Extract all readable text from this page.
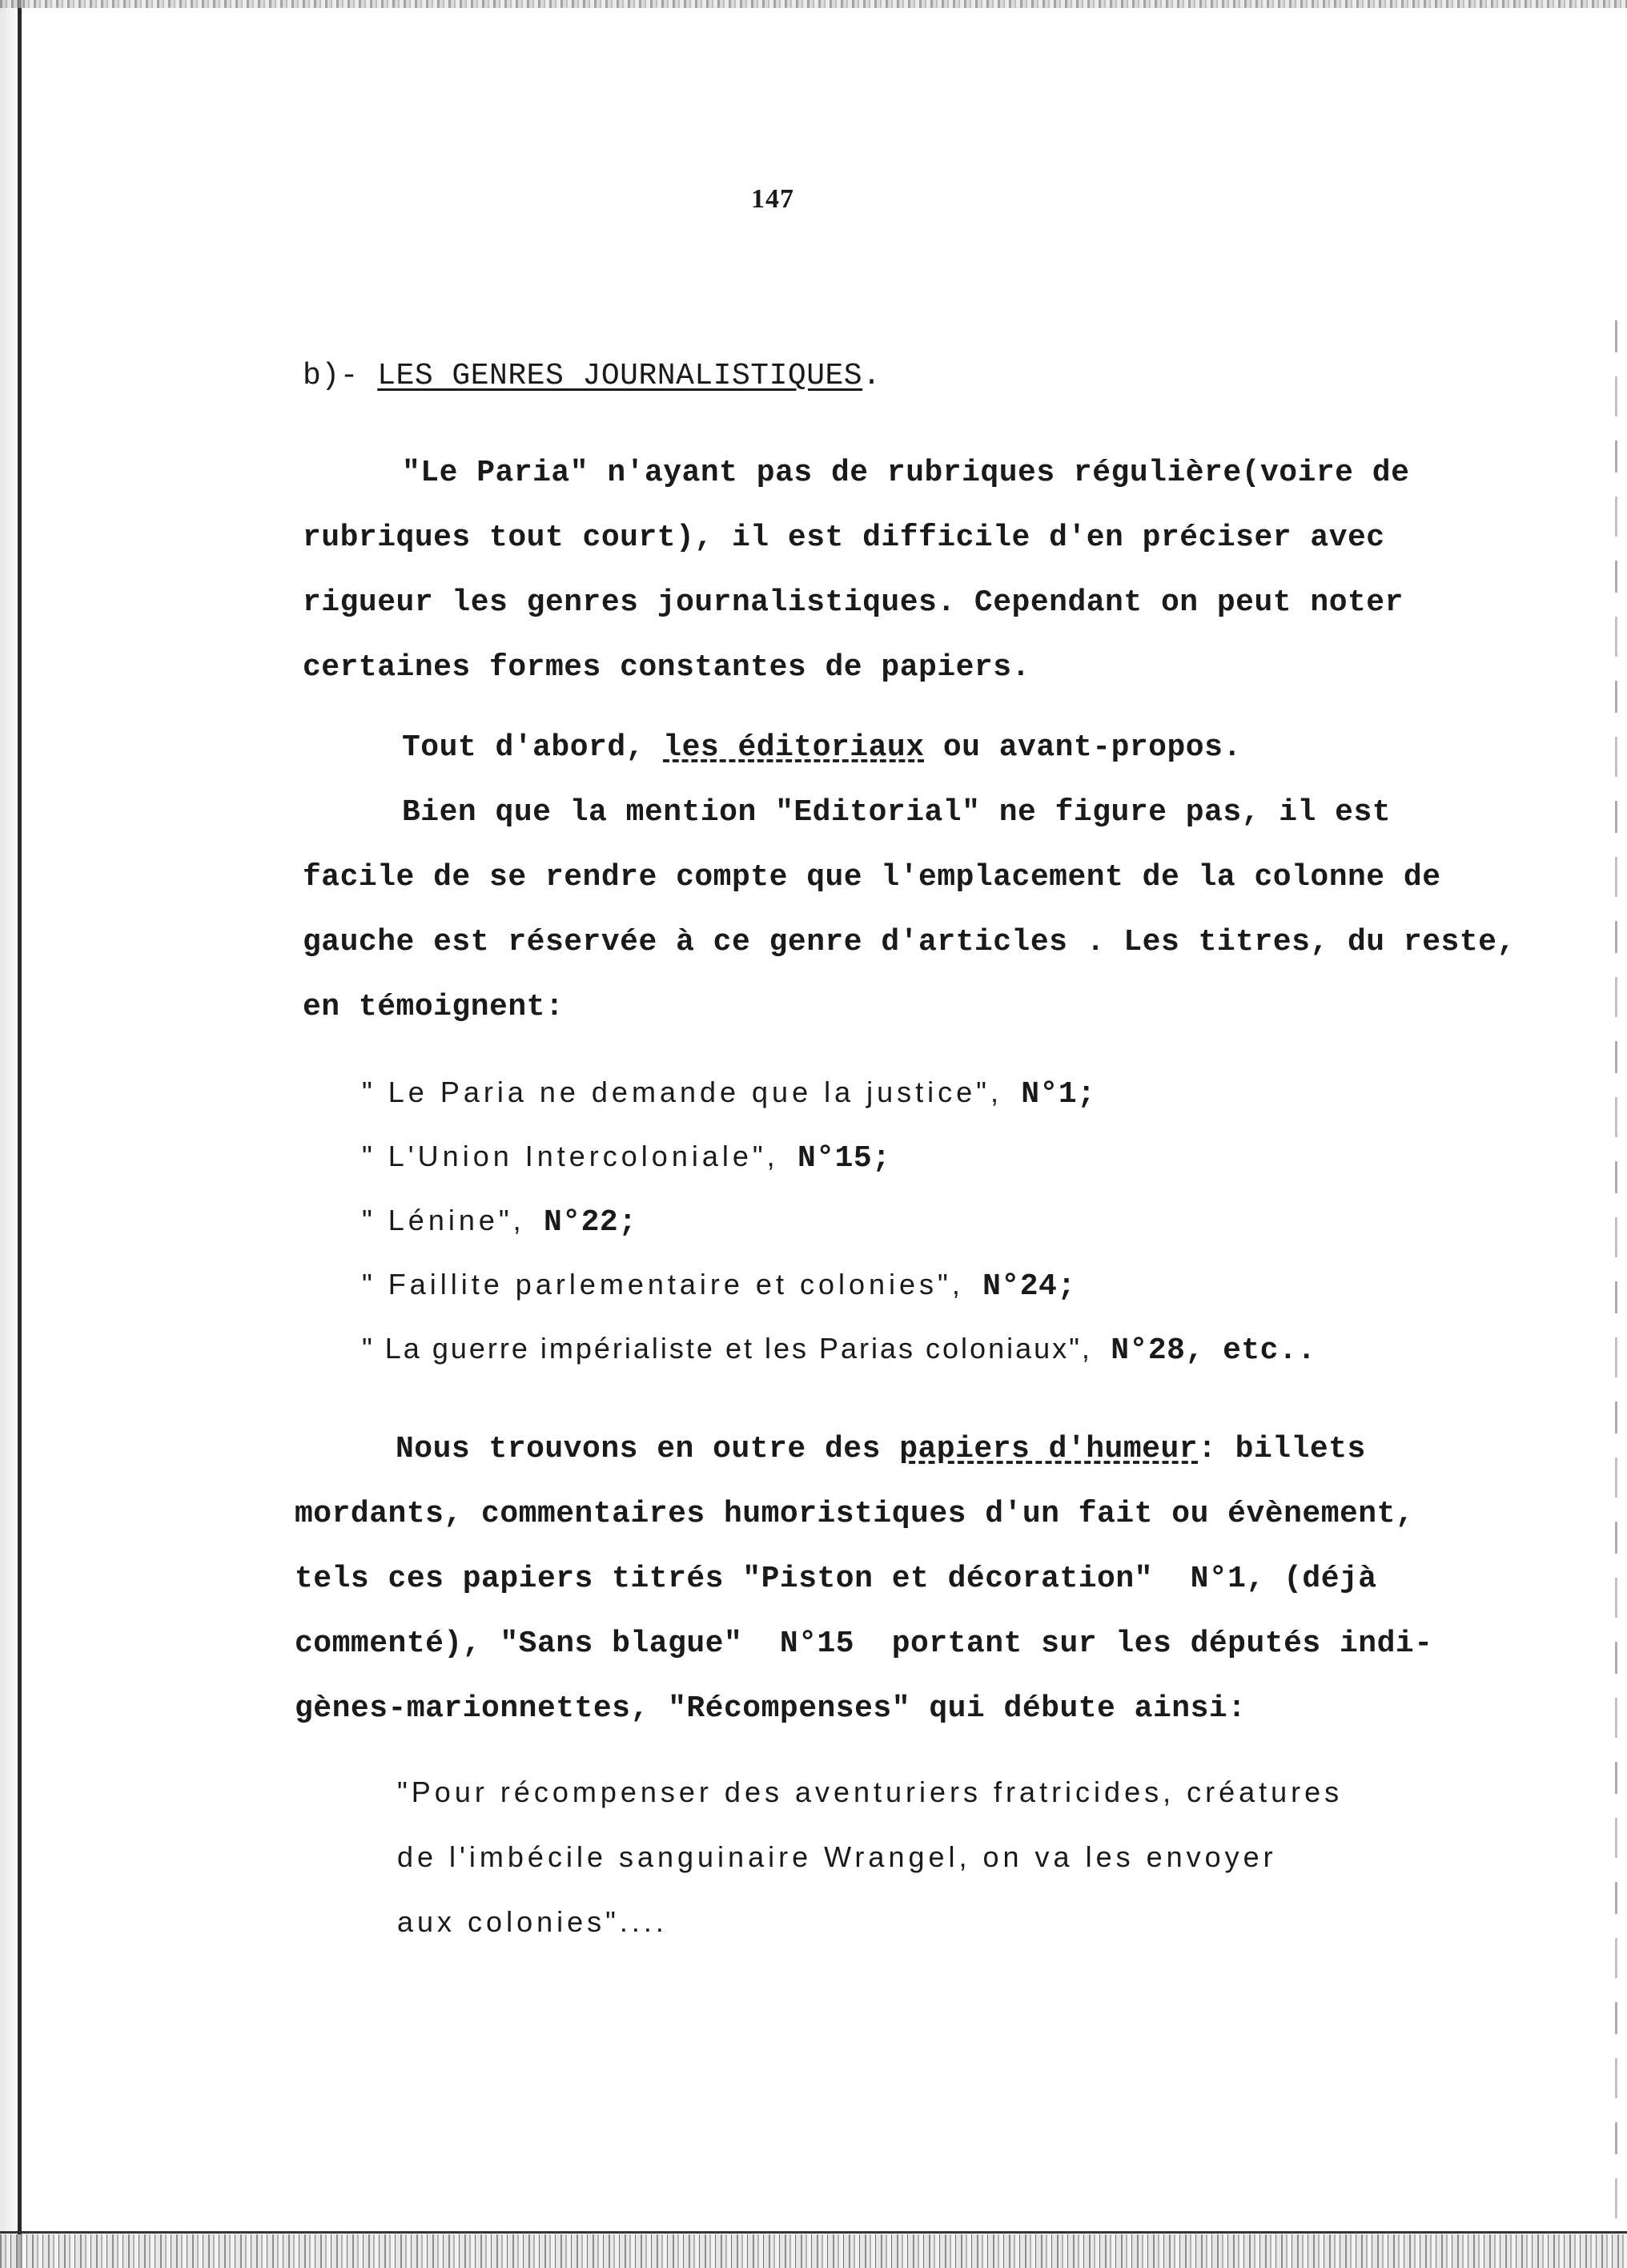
147
b)- LES GENRES JOURNALISTIQUES.
"Le Paria" n'ayant pas de rubriques régulière(voire de
rubriques tout court), il est difficile d'en préciser avec
rigueur les genres journalistiques. Cependant on peut noter
certaines formes constantes de papiers.
Tout d'abord, les éditoriaux ou avant-propos.
Bien que la mention "Editorial" ne figure pas, il est
facile de se rendre compte que l'emplacement de la colonne de
gauche est réservée à ce genre d'articles . Les titres, du reste,
en témoignent:
" Le Paria ne demande que la justice", N°1;
" L'Union Intercoloniale", N°15;
" Lénine", N°22;
" Faillite parlementaire et colonies", N°24;
" La guerre impérialiste et les Parias coloniaux", N°28, etc..
Nous trouvons en outre des papiers d'humeur: billets
mordants, commentaires humoristiques d'un fait ou évènement,
tels ces papiers titrés "Piston et décoration"  N°1, (déjà
commenté), "Sans blague"  N°15  portant sur les députés indi-
gènes-marionnettes, "Récompenses" qui débute ainsi:
"Pour récompenser des aventuriers fratricides, créatures
de l'imbécile sanguinaire Wrangel, on va les envoyer
aux colonies"....
